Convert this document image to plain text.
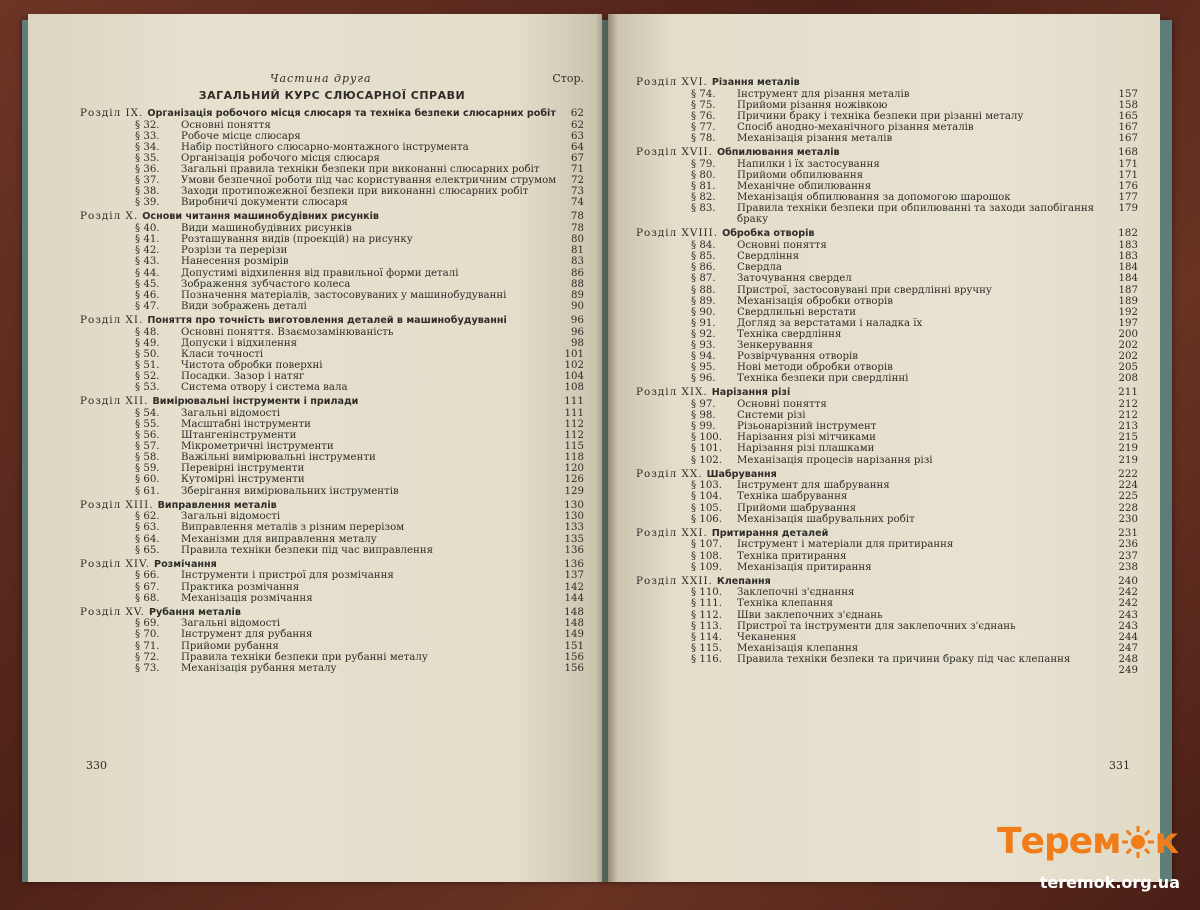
Частина друга	Стор.
ЗАГАЛЬНИЙ КУРС СЛЮСАРНОЇ СПРАВИ
Розділ IX. Організація робочого місця слюсаря та техніка безпеки слюсарних робіт	62
§ 32.	Основні поняття	62
§ 33.	Робоче місце слюсаря	63
§ 34.	Набір постійного слюсарно-монтажного інструмента	64
§ 35.	Організація робочого місця слюсаря	67
§ 36.	Загальні правила техніки безпеки при виконанні слюсарних робіт	71
§ 37.	Умови безпечної роботи під час користування електричним струмом	72
§ 38.	Заходи протипожежної безпеки при виконанні слюсарних робіт	73
§ 39.	Виробничі документи слюсаря	74
Розділ X. Основи читання машинобудівних рисунків	78
§ 40.	Види машинобудівних рисунків	78
§ 41.	Розташування видів (проекцій) на рисунку	80
§ 42.	Розрізи та перерізи	81
§ 43.	Нанесення розмірів	83
§ 44.	Допустимі відхилення від правильної форми деталі	86
§ 45.	Зображення зубчастого колеса	88
§ 46.	Позначення матеріалів, застосовуваних у машинобудуванні	89
§ 47.	Види зображень деталі	90
Розділ XI. Поняття про точність виготовлення деталей в машинобудуванні	96
§ 48.	Основні поняття. Взаємозамінюваність	96
§ 49.	Допуски і відхилення	98
§ 50.	Класи точності	101
§ 51.	Чистота обробки поверхні	102
§ 52.	Посадки. Зазор і натяг	104
§ 53.	Система отвору і система вала	108
Розділ XII. Вимірювальні інструменти і прилади	111
§ 54.	Загальні відомості	111
§ 55.	Масштабні інструменти	112
§ 56.	Штангенінструменти	112
§ 57.	Мікрометричні інструменти	115
§ 58.	Важільні вимірювальні інструменти	118
§ 59.	Перевірні інструменти	120
§ 60.	Кутомірні інструменти	126
§ 61.	Зберігання вимірювальних інструментів	129
Розділ XIII. Виправлення металів	130
§ 62.	Загальні відомості	130
§ 63.	Виправлення металів з різним перерізом	133
§ 64.	Механізми для виправлення металу	135
§ 65.	Правила техніки безпеки під час виправлення	136
Розділ XIV. Розмічання	136
§ 66.	Інструменти і пристрої для розмічання	137
§ 67.	Практика розмічання	142
§ 68.	Механізація розмічання	144
Розділ XV. Рубання металів	148
§ 69.	Загальні відомості	148
§ 70.	Інструмент для рубання	149
§ 71.	Прийоми рубання	151
§ 72.	Правила техніки безпеки при рубанні металу	156
§ 73.	Механізація рубання металу	156
330
Розділ XVI. Різання металів
§ 74.	Інструмент для різання металів	157
§ 75.	Прийоми різання ножівкою	158
§ 76.	Причини браку і техніка безпеки при різанні металу	165
§ 77.	Спосіб анодно-механічного різання металів	167
§ 78.	Механізація різання металів	167
Розділ XVII. Обпилювання металів	168
§ 79.	Напилки і їх застосування	171
§ 80.	Прийоми обпилювання	171
§ 81.	Механічне обпилювання	176
§ 82.	Механізація обпилювання за допомогою шарошок	177
§ 83.	Правила техніки безпеки при обпилюванні та заходи запобігання браку
179
Розділ XVIII. Обробка отворів	182
§ 84.	Основні поняття	183
§ 85.	Свердління	183
§ 86.	Свердла	184
§ 87.	Заточування свердел	184
§ 88.	Пристрої, застосовувані при свердлінні вручну	187
§ 89.	Механізація обробки отворів	189
§ 90.	Свердлильні верстати	192
§ 91.	Догляд за верстатами і наладка їх	197
§ 92.	Техніка свердління	200
§ 93.	Зенкерування	202
§ 94.	Розвірчування отворів	202
§ 95.	Нові методи обробки отворів	205
§ 96.	Техніка безпеки при свердлінні	208
Розділ XIX. Нарізання різі	211
§ 97.	Основні поняття	212
§ 98.	Системи різі	212
§ 99.	Різьонарізний інструмент	213
§ 100.	Нарізання різі мітчиками	215
§ 101.	Нарізання різі плашками	219
§ 102.	Механізація процесів нарізання різі	219
Розділ XX. Шабрування	222
§ 103.	Інструмент для шабрування	224
§ 104.	Техніка шабрування	225
§ 105.	Прийоми шабрування	228
§ 106.	Механізація шабрувальних робіт	230
Розділ XXI. Притирання деталей	231
§ 107.	Інструмент і матеріали для притирання	236
§ 108.	Техніка притирання	237
§ 109.	Механізація притирання	238
Розділ XXII. Клепання	240
§ 110.	Заклепочні з'єднання	242
§ 111.	Техніка клепання	242
§ 112.	Шви заклепочних з'єднань	243
§ 113.	Пристрої та інструменти для заклепочних з'єднань	243
§ 114.	Чеканення	244
§ 115.	Механізація клепання	247
§ 116.	Правила техніки безпеки та причини браку під час клепання	248
249
331
Терем к
teremok.org.ua
